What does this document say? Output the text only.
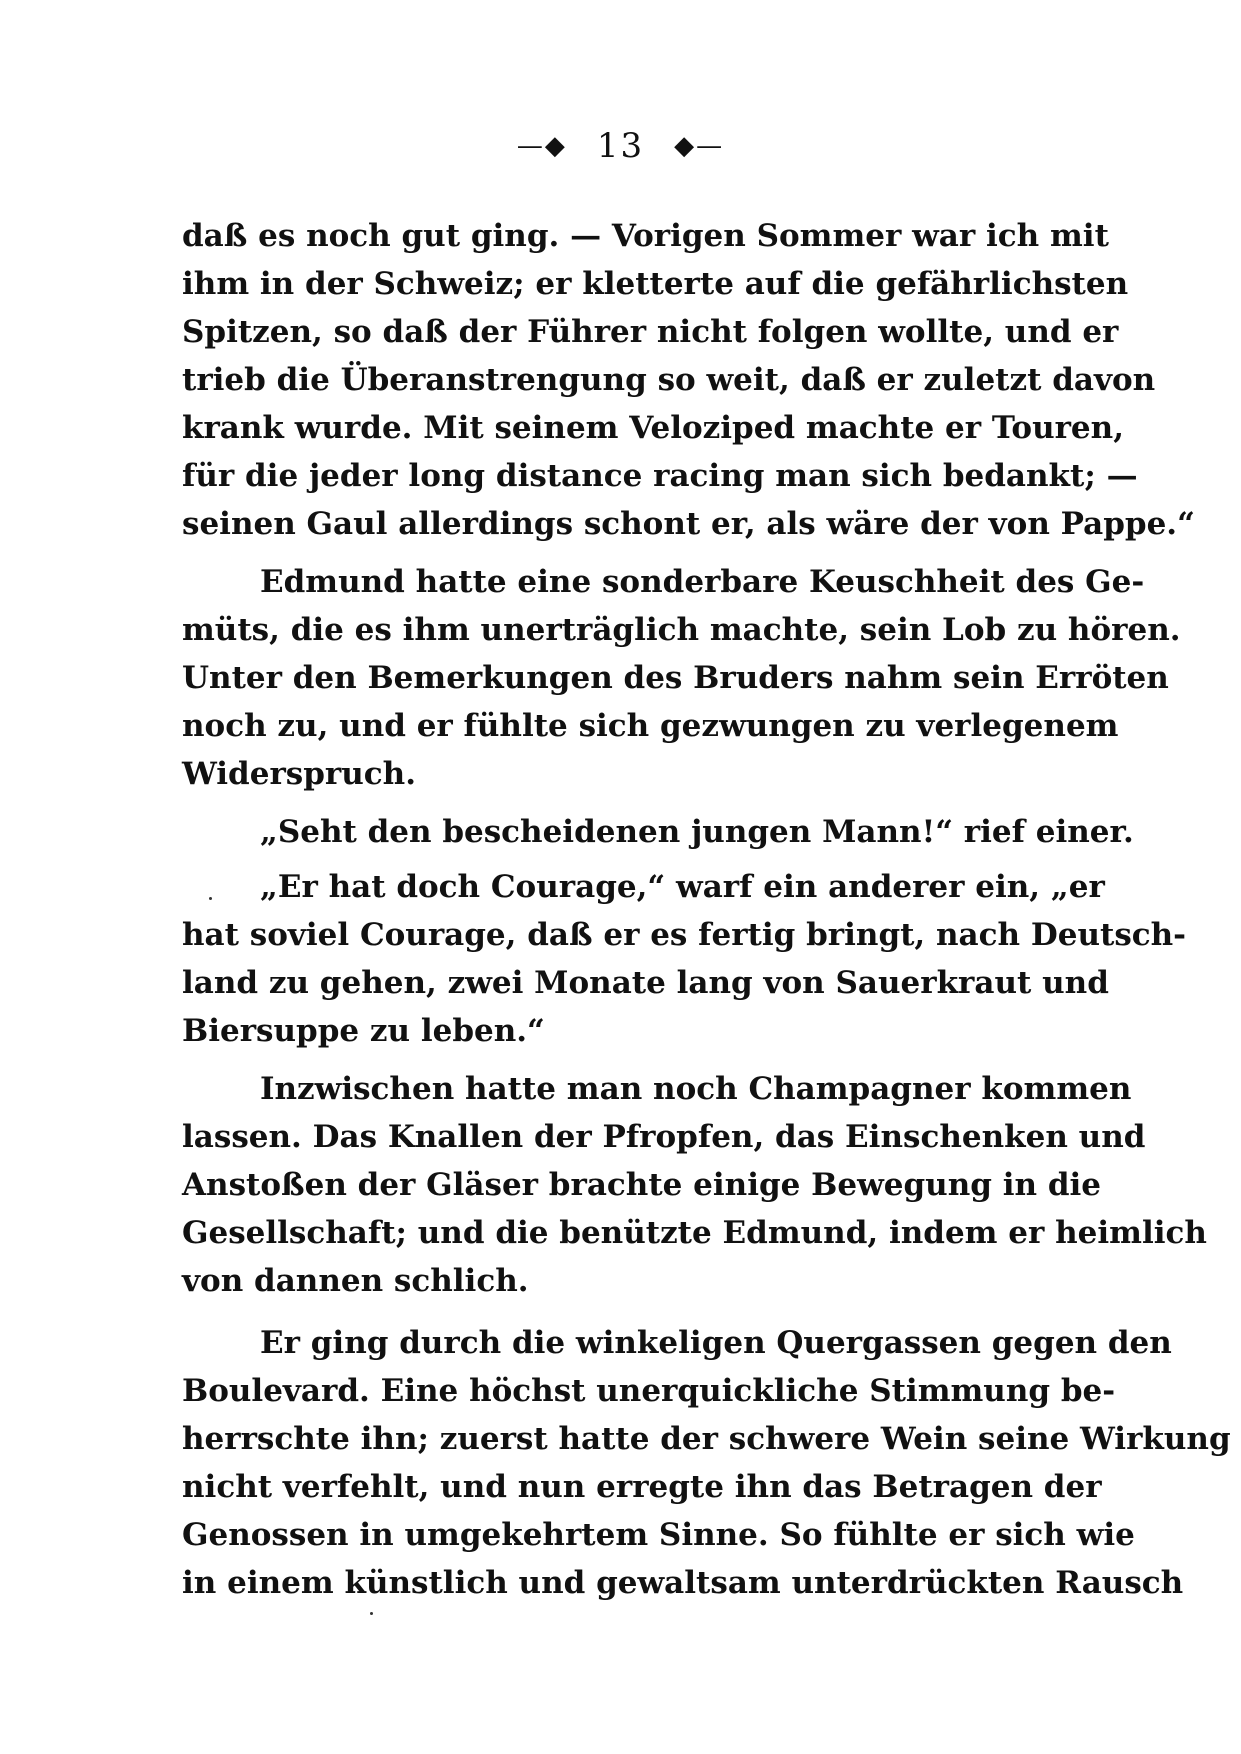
—◆ 13 ◆—
daß es noch gut ging. — Vorigen Sommer war ich mit
ihm in der Schweiz; er kletterte auf die gefährlichsten
Spitzen, so daß der Führer nicht folgen wollte, und er
trieb die Überanstrengung so weit, daß er zuletzt davon
krank wurde. Mit seinem Veloziped machte er Touren,
für die jeder long distance racing man sich bedankt; —
seinen Gaul allerdings schont er, als wäre der von Pappe.“
Edmund hatte eine sonderbare Keuschheit des Ge-
müts, die es ihm unerträglich machte, sein Lob zu hören.
Unter den Bemerkungen des Bruders nahm sein Erröten
noch zu, und er fühlte sich gezwungen zu verlegenem
Widerspruch.
„Seht den bescheidenen jungen Mann!“ rief einer.
„Er hat doch Courage,“ warf ein anderer ein, „er
hat soviel Courage, daß er es fertig bringt, nach Deutsch-
land zu gehen, zwei Monate lang von Sauerkraut und
Biersuppe zu leben.“
Inzwischen hatte man noch Champagner kommen
lassen. Das Knallen der Pfropfen, das Einschenken und
Anstoßen der Gläser brachte einige Bewegung in die
Gesellschaft; und die benützte Edmund, indem er heimlich
von dannen schlich.
Er ging durch die winkeligen Quergassen gegen den
Boulevard. Eine höchst unerquickliche Stimmung be-
herrschte ihn; zuerst hatte der schwere Wein seine Wirkung
nicht verfehlt, und nun erregte ihn das Betragen der
Genossen in umgekehrtem Sinne. So fühlte er sich wie
in einem künstlich und gewaltsam unterdrückten Rausch
